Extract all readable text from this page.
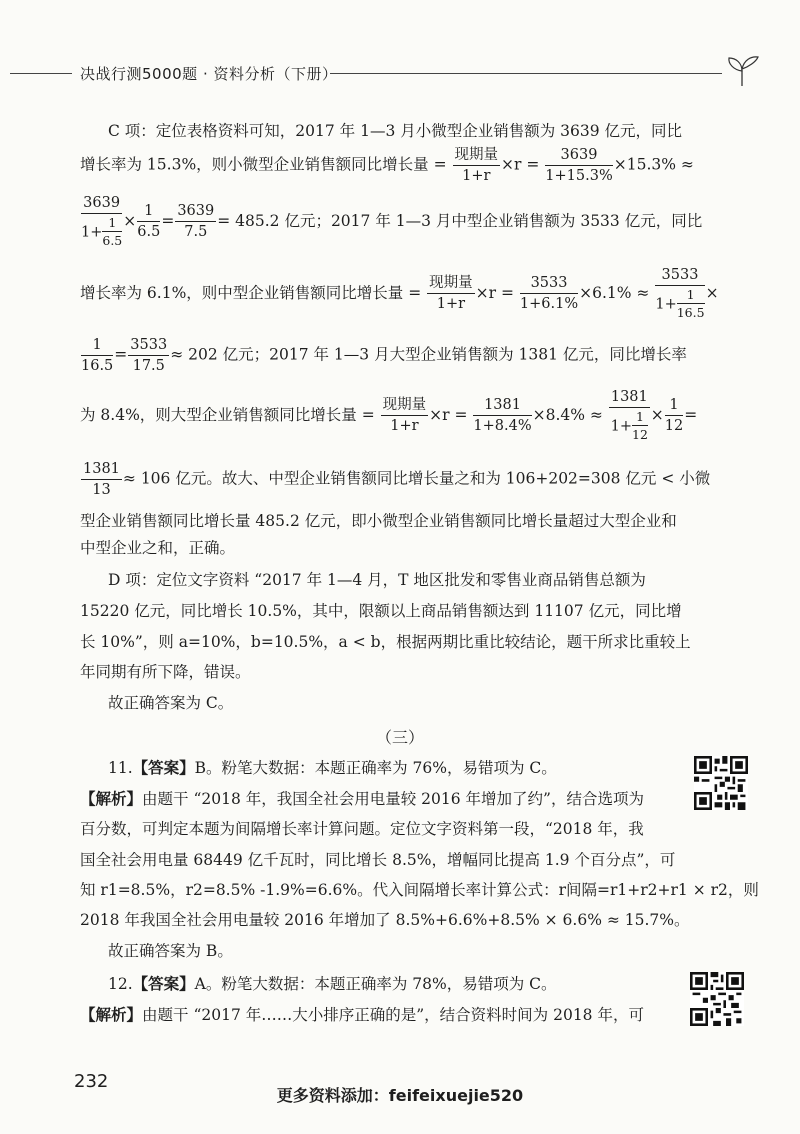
决战行测5000题 · 资料分析（下册）
C 项：定位表格资料可知，2017 年 1—3 月小微型企业销售额为 3639 亿元，同比
增长率为 15.3%，则小微型企业销售额同比增长量 = $\frac{\text{现期量}}{1+r} \times r = \frac{3639}{1+15.3\%} \times 15.3\%$ ≈
$\frac{3639}{1+ \frac{1}{6.5}} \times \frac{1}{6.5} = \frac{3639}{7.5} = 485.2$ 亿元；2017 年 1—3 月中型企业销售额为 3533 亿元，同比
增长率为 6.1%，则中型企业销售额同比增长量 = $\frac{\text{现期量}}{1+r} \times r = \frac{3533}{1+6.1\%} \times 6.1\% \approx \frac{3533}{1+ \frac{1}{16.5}}$ ×
$\frac{1}{16.5} = \frac{3533}{17.5} \approx 202$ 亿元；2017 年 1—3 月大型企业销售额为 1381 亿元，同比增长率
为 8.4%，则大型企业销售额同比增长量 = $\frac{\text{现期量}}{1+r} \times r = \frac{1381}{1+8.4\%} \times 8.4\% \approx \frac{1381}{1+ \frac{1}{12}} \times \frac{1}{12}$ =
$\frac{1381}{13} \approx 106$ 亿元。故大、中型企业销售额同比增长量之和为 106+202=308 亿元 < 小微
型企业销售额同比增长量 485.2 亿元，即小微型企业销售额同比增长量超过大型企业和
中型企业之和，正确。
D 项：定位文字资料 “2017 年 1—4 月，T 地区批发和零售业商品销售总额为
15220 亿元，同比增长 10.5%，其中，限额以上商品销售额达到 11107 亿元，同比增
长 10%”，则 a=10%，b=10.5%，a < b，根据两期比重比较结论，题干所求比重较上
年同期有所下降，错误。
故正确答案为 C。
（三）
11.【答案】B。粉笔大数据：本题正确率为 76%，易错项为 C。
【解析】由题干 “2018 年，我国全社会用电量较 2016 年增加了约”，结合选项为
百分数，可判定本题为间隔增长率计算问题。定位文字资料第一段，“2018 年，我
国全社会用电量 68449 亿千瓦时，同比增长 8.5%，增幅同比提高 1.9 个百分点”，可
知 r1=8.5%，r2=8.5% -1.9%=6.6%。代入间隔增长率计算公式：r间隔=r1+r2+r1 × r2，则
2018 年我国全社会用电量较 2016 年增加了 8.5%+6.6%+8.5% × 6.6% ≈ 15.7%。
故正确答案为 B。
12.【答案】A。粉笔大数据：本题正确率为 78%，易错项为 C。
【解析】由题干 “2017 年……大小排序正确的是”，结合资料时间为 2018 年，可
232
更多资料添加：feifeixuejie520
